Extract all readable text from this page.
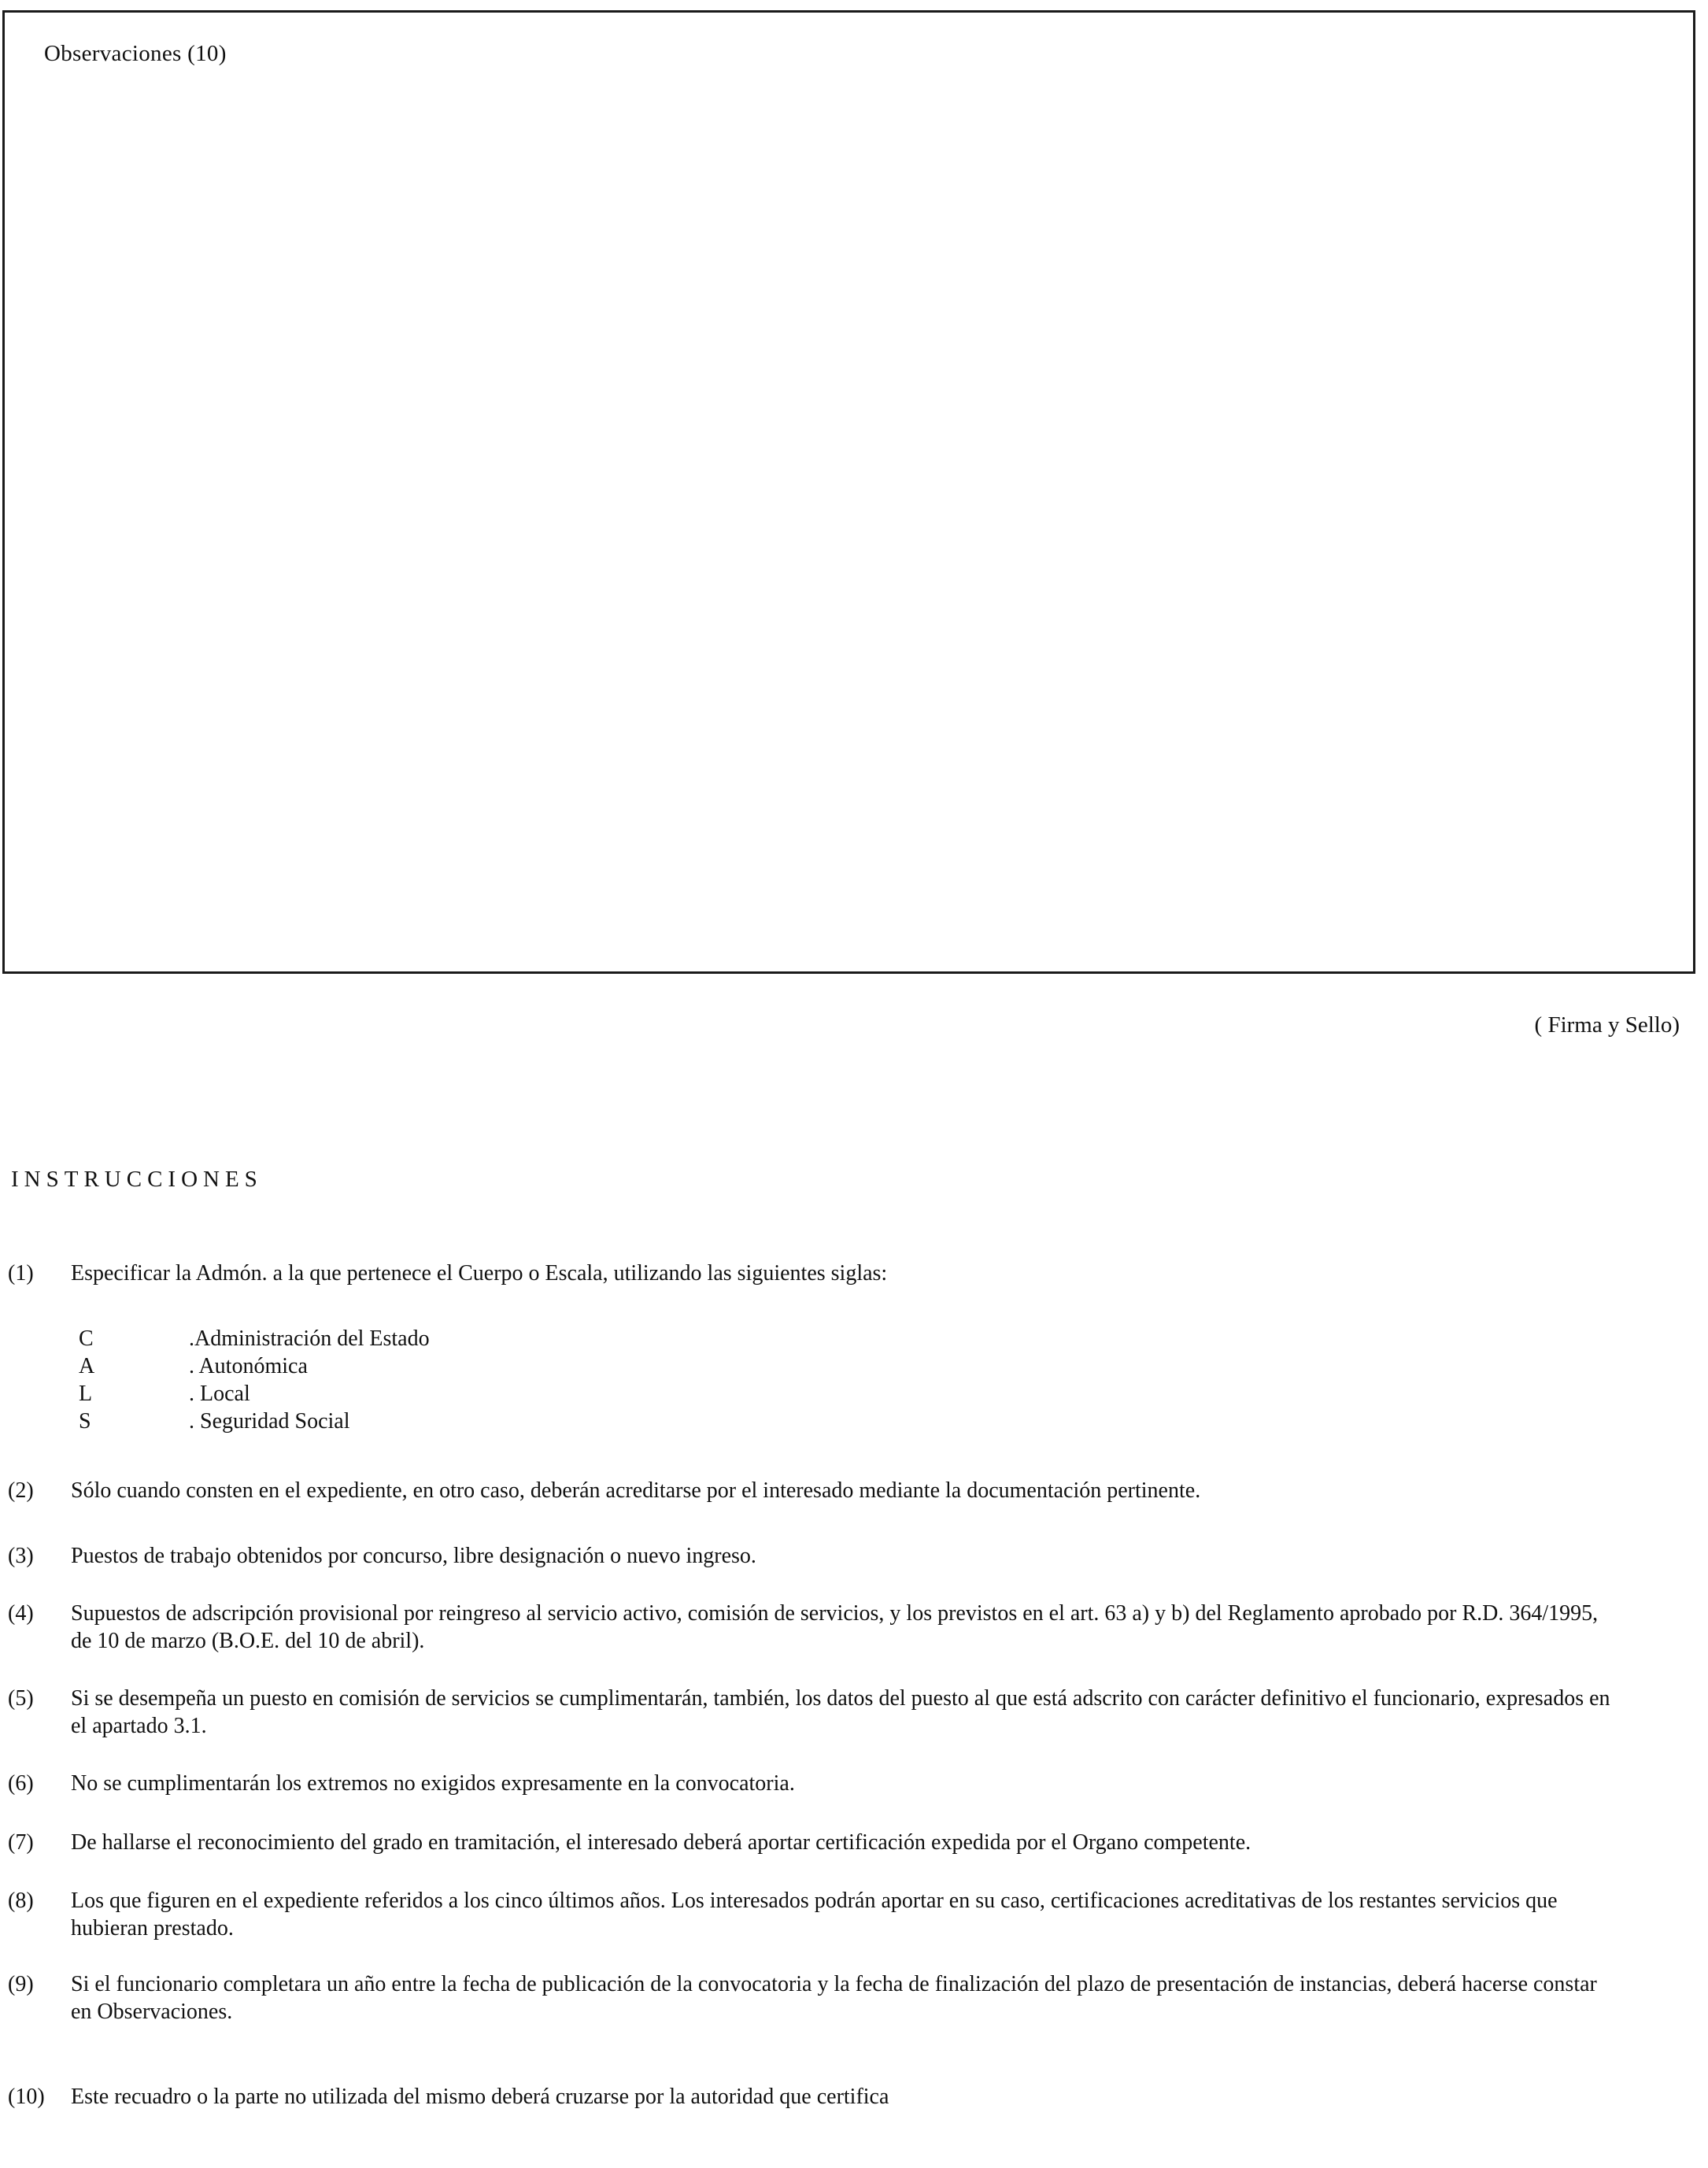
Observaciones (10)
( Firma y Sello)
INSTRUCCIONES
(1)	Especificar la Admón. a la que pertenece el Cuerpo o Escala, utilizando las siguientes siglas:
C	.Administración del Estado
A	. Autonómica
L	. Local
S	. Seguridad Social
(2)	Sólo cuando consten en el expediente, en otro caso, deberán acreditarse por el interesado mediante la documentación pertinente.
(3)	Puestos de trabajo obtenidos por concurso, libre designación o nuevo ingreso.
(4)	Supuestos de adscripción provisional por reingreso al servicio activo, comisión de servicios, y los previstos en el art. 63 a) y b) del Reglamento aprobado por R.D. 364/1995, de 10 de marzo (B.O.E. del 10 de abril).
(5)	Si se desempeña un puesto en comisión de servicios se cumplimentarán, también, los datos del puesto al que está adscrito con carácter definitivo el funcionario, expresados en el apartado 3.1.
(6)	No se cumplimentarán los extremos no exigidos expresamente en la convocatoria.
(7)	De hallarse el reconocimiento del grado en tramitación, el interesado deberá aportar certificación expedida por el Organo competente.
(8)	Los que figuren en el expediente referidos a los cinco últimos años. Los interesados podrán aportar en su caso, certificaciones acreditativas de los restantes servicios que hubieran prestado.
(9)	Si el funcionario completara un año entre la fecha de publicación de la convocatoria y la fecha de finalización del plazo de presentación de instancias, deberá hacerse constar en Observaciones.
(10)	Este recuadro o la parte no utilizada del mismo deberá cruzarse por la autoridad que certifica
